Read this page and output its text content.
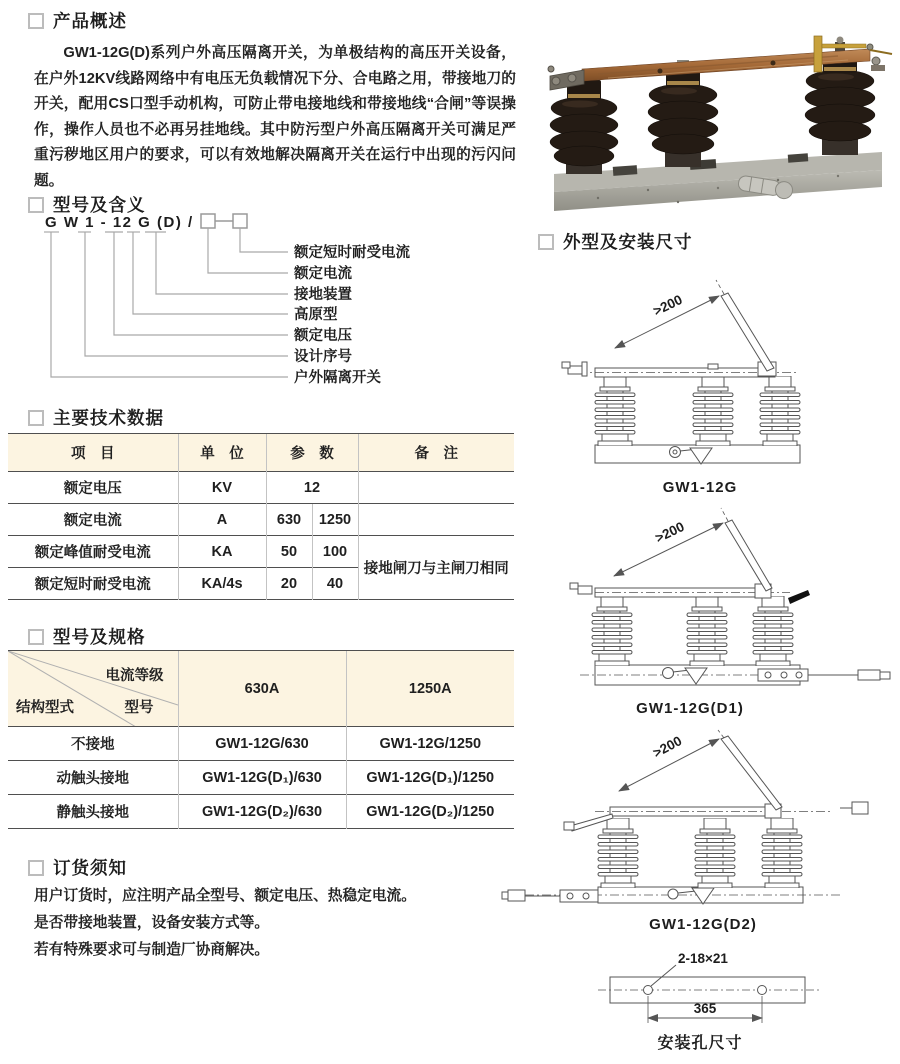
产品概述
GW1-12G(D)系列户外高压隔离开关，为单极结构的高压开关设备，在户外12KV线路网络中有电压无负载情况下分、合电路之用，带接地刀的开关，配用CS口型手动机构，可防止带电接地线和带接地线“合闸”等误操作，操作人员也不必再另挂地线。其中防污型户外高压隔离开关可满足严重污秽地区用户的要求，可以有效地解决隔离开关在运行中出现的污闪问题。
型号及含义
G W 1 - 12 G (D) /
额定短时耐受电流
额定电流
接地装置
高原型
额定电压
设计序号
户外隔离开关
主要技术数据
项　目	单　位	参　数		备　注
额定电压	KV	12		
额定电流	A	630	1250	
额定峰值耐受电流	KA	50	100	接地闸刀与主闸刀相同
额定短时耐受电流	KA/4s	20	40	
型号及规格
电流等级
型号
结构型式	630A	1250A
不接地	GW1-12G/630	GW1-12G/1250
动触头接地	GW1-12G(D₁)/630	GW1-12G(D₁)/1250
静触头接地	GW1-12G(D₂)/630	GW1-12G(D₂)/1250
订货须知
用户订货时，应注明产品全型号、额定电压、热稳定电流。
是否带接地装置，设备安装方式等。
若有特殊要求可与制造厂协商解决。
外型及安装尺寸
>200
GW1-12G
>200
GW1-12G(D1)
>200
GW1-12G(D2)
2-18×21
365
安装孔尺寸
